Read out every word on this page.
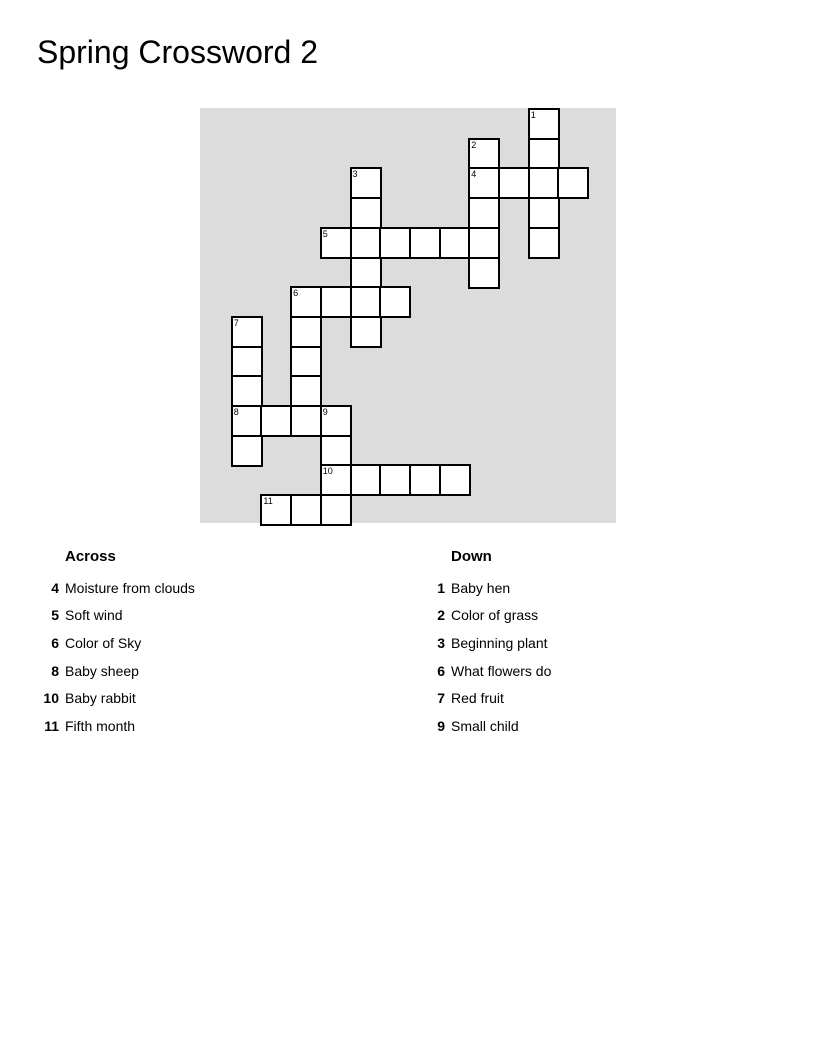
Spring Crossword 2
1
2
3	4
5
6
7
8	9
10
11
Across
4 Moisture from clouds
5 Soft wind
6 Color of Sky
8 Baby sheep
10 Baby rabbit
11 Fifth month
Down
1 Baby hen
2 Color of grass
3 Beginning plant
6 What flowers do
7 Red fruit
9 Small child
